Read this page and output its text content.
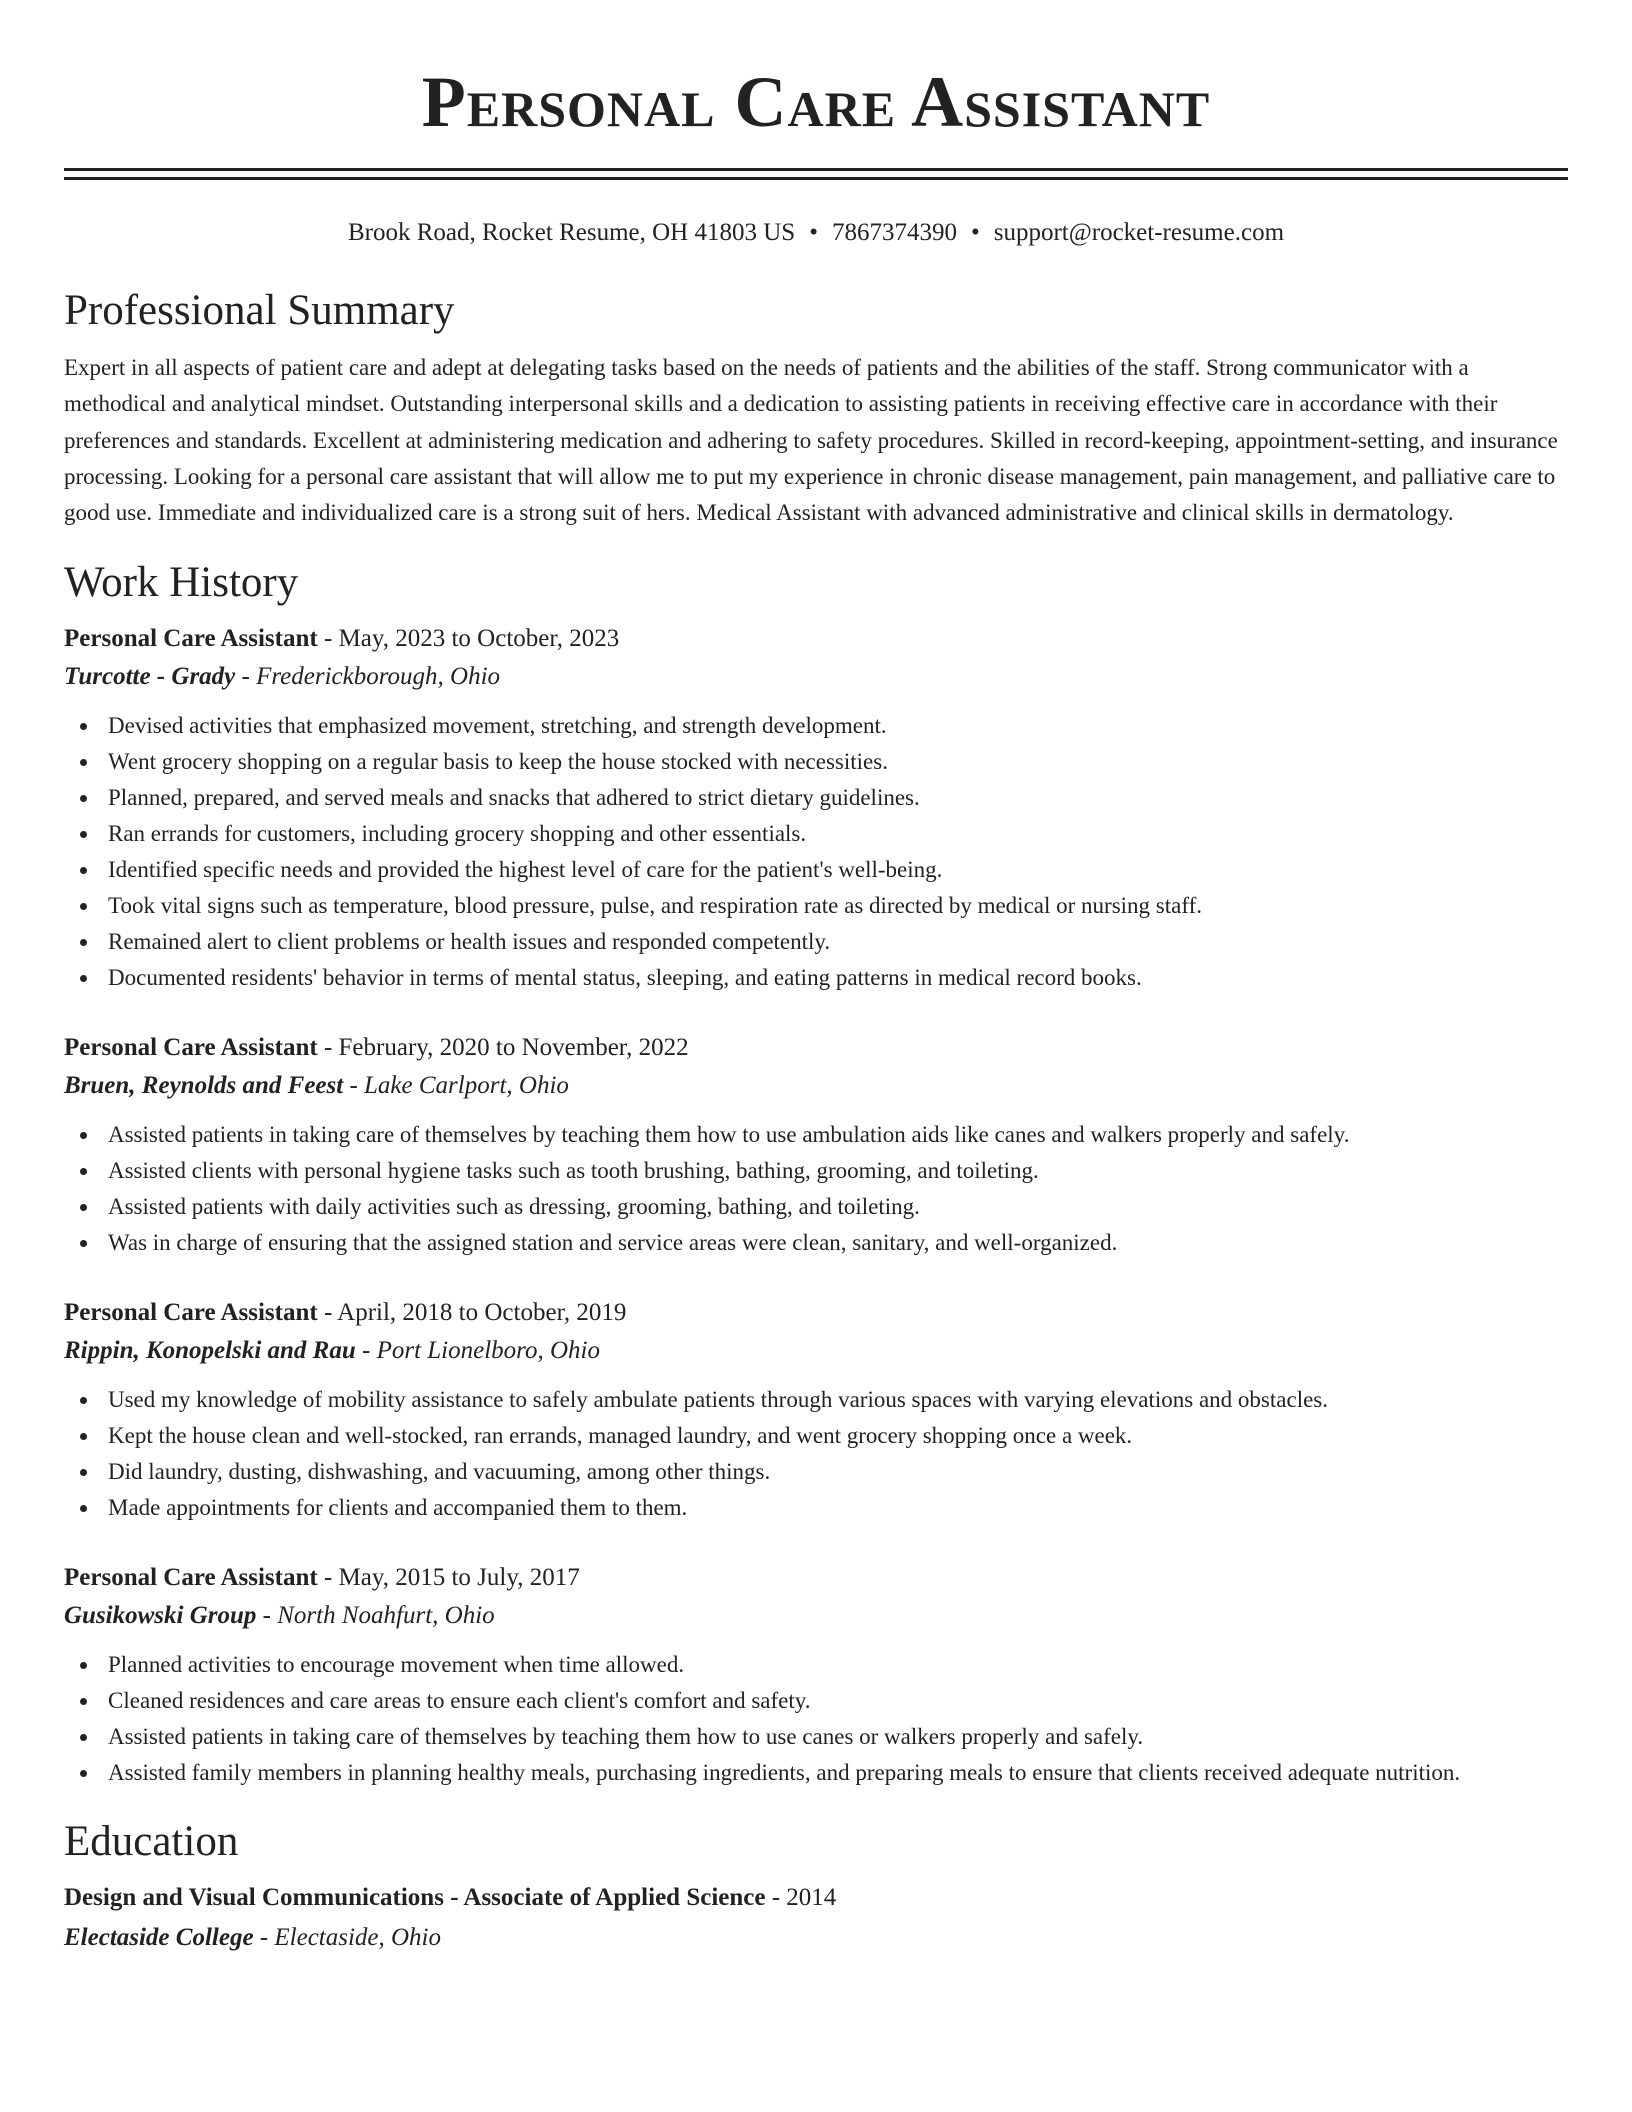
Personal Care Assistant
Brook Road, Rocket Resume, OH 41803 US • 7867374390 • support@rocket-resume.com
Professional Summary

Expert in all aspects of patient care and adept at delegating tasks based on the needs of patients and the abilities of the staff. Strong communicator with a methodical and analytical mindset. Outstanding interpersonal skills and a dedication to assisting patients in receiving effective care in accordance with their preferences and standards. Excellent at administering medication and adhering to safety procedures. Skilled in record-keeping, appointment-setting, and insurance processing. Looking for a personal care assistant that will allow me to put my experience in chronic disease management, pain management, and palliative care to good use. Immediate and individualized care is a strong suit of hers. Medical Assistant with advanced administrative and clinical skills in dermatology.

Work History
Personal Care Assistant - May, 2023 to October, 2023
Turcotte - Grady - Frederickborough, Ohio
Devised activities that emphasized movement, stretching, and strength development.
Went grocery shopping on a regular basis to keep the house stocked with necessities.
Planned, prepared, and served meals and snacks that adhered to strict dietary guidelines.
Ran errands for customers, including grocery shopping and other essentials.
Identified specific needs and provided the highest level of care for the patient's well-being.
Took vital signs such as temperature, blood pressure, pulse, and respiration rate as directed by medical or nursing staff.
Remained alert to client problems or health issues and responded competently.
Documented residents' behavior in terms of mental status, sleeping, and eating patterns in medical record books.
Personal Care Assistant - February, 2020 to November, 2022
Bruen, Reynolds and Feest - Lake Carlport, Ohio
Assisted patients in taking care of themselves by teaching them how to use ambulation aids like canes and walkers properly and safely.
Assisted clients with personal hygiene tasks such as tooth brushing, bathing, grooming, and toileting.
Assisted patients with daily activities such as dressing, grooming, bathing, and toileting.
Was in charge of ensuring that the assigned station and service areas were clean, sanitary, and well-organized.
Personal Care Assistant - April, 2018 to October, 2019
Rippin, Konopelski and Rau - Port Lionelboro, Ohio
Used my knowledge of mobility assistance to safely ambulate patients through various spaces with varying elevations and obstacles.
Kept the house clean and well-stocked, ran errands, managed laundry, and went grocery shopping once a week.
Did laundry, dusting, dishwashing, and vacuuming, among other things.
Made appointments for clients and accompanied them to them.
Personal Care Assistant - May, 2015 to July, 2017
Gusikowski Group - North Noahfurt, Ohio
Planned activities to encourage movement when time allowed.
Cleaned residences and care areas to ensure each client's comfort and safety.
Assisted patients in taking care of themselves by teaching them how to use canes or walkers properly and safely.
Assisted family members in planning healthy meals, purchasing ingredients, and preparing meals to ensure that clients received adequate nutrition.
Education
Design and Visual Communications - Associate of Applied Science - 2014
Electaside College - Electaside, Ohio
